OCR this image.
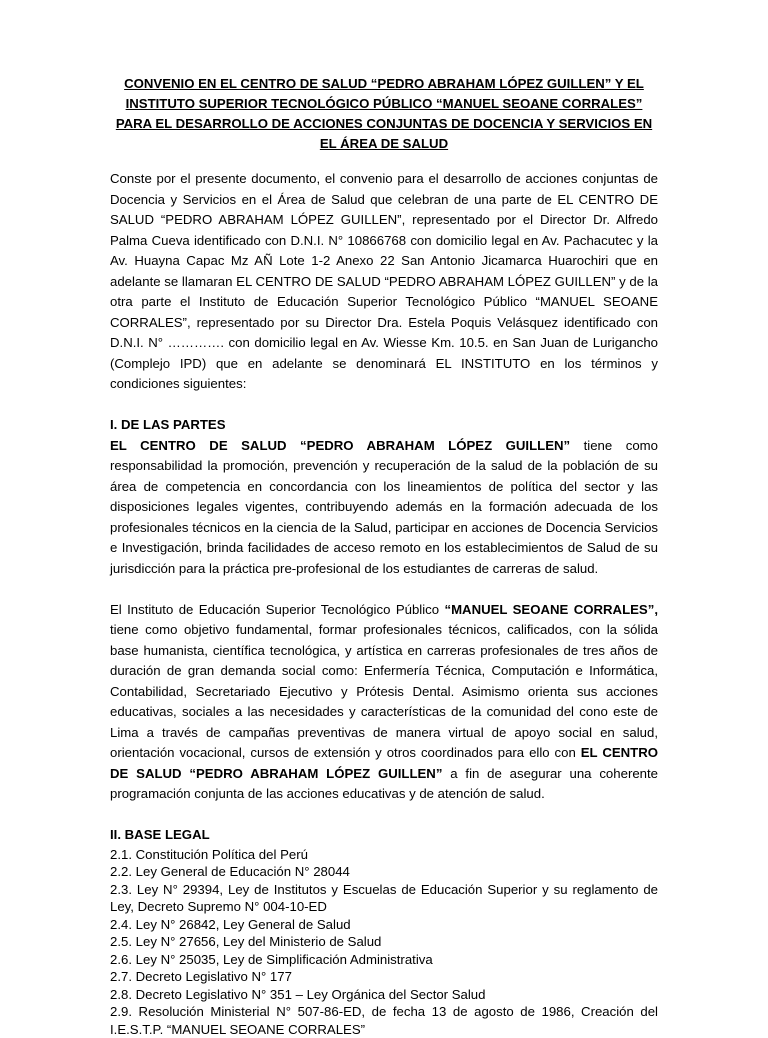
CONVENIO EN EL CENTRO DE SALUD “PEDRO ABRAHAM LÓPEZ GUILLEN” Y EL INSTITUTO SUPERIOR TECNOLÓGICO PÚBLICO “MANUEL SEOANE CORRALES” PARA EL DESARROLLO DE ACCIONES CONJUNTAS DE DOCENCIA Y SERVICIOS EN EL ÁREA DE SALUD

Conste por el presente documento, el convenio para el desarrollo de acciones conjuntas de Docencia y Servicios en el Área de Salud que celebran de una parte de EL CENTRO DE SALUD “PEDRO ABRAHAM LÓPEZ GUILLEN”, representado por el Director Dr. Alfredo Palma Cueva identificado con D.N.I. N° 10866768 con domicilio legal en Av. Pachacutec y la Av. Huayna Capac Mz AÑ Lote 1-2 Anexo 22 San Antonio Jicamarca Huarochiri que en adelante se llamaran EL CENTRO DE SALUD “PEDRO ABRAHAM LÓPEZ GUILLEN” y de la otra parte el Instituto de Educación Superior Tecnológico Público “MANUEL SEOANE CORRALES”, representado por su Director Dra. Estela Poquis Velásquez identificado con D.N.I. N° …………. con domicilio legal en Av. Wiesse Km. 10.5. en San Juan de Lurigancho (Complejo IPD) que en adelante se denominará EL INSTITUTO en los términos y condiciones siguientes:

I. DE LAS PARTES

EL CENTRO DE SALUD “PEDRO ABRAHAM LÓPEZ GUILLEN” tiene como responsabilidad la promoción, prevención y recuperación de la salud de la población de su área de competencia en concordancia con los lineamientos de política del sector y las disposiciones legales vigentes, contribuyendo además en la formación adecuada de los profesionales técnicos en la ciencia de la Salud, participar en acciones de Docencia Servicios e Investigación, brinda facilidades de acceso remoto en los establecimientos de Salud de su jurisdicción para la práctica pre-profesional de los estudiantes de carreras de salud.

El Instituto de Educación Superior Tecnológico Público “MANUEL SEOANE CORRALES”, tiene como objetivo fundamental, formar profesionales técnicos, calificados, con la sólida base humanista, científica tecnológica, y artística en carreras profesionales de tres años de duración de gran demanda social como: Enfermería Técnica, Computación e Informática, Contabilidad, Secretariado Ejecutivo y Prótesis Dental. Asimismo orienta sus acciones educativas, sociales a las necesidades y características de la comunidad del cono este de Lima a través de campañas preventivas de manera virtual de apoyo social en salud, orientación vocacional, cursos de extensión y otros coordinados para ello con EL CENTRO DE SALUD “PEDRO ABRAHAM LÓPEZ GUILLEN” a fin de asegurar una coherente programación conjunta de las acciones educativas y de atención de salud.

II. BASE LEGAL

2.1. Constitución Política del Perú
2.2. Ley General de Educación N° 28044
2.3. Ley N° 29394, Ley de Institutos y Escuelas de Educación Superior y su reglamento de Ley, Decreto Supremo N° 004-10-ED
2.4. Ley N° 26842, Ley General de Salud
2.5. Ley N° 27656, Ley del Ministerio de Salud
2.6. Ley N° 25035, Ley de Simplificación Administrativa
2.7. Decreto Legislativo N° 177
2.8. Decreto Legislativo N° 351 – Ley Orgánica del Sector Salud
2.9. Resolución Ministerial N° 507-86-ED, de fecha 13 de agosto de 1986, Creación del I.E.S.T.P. “MANUEL SEOANE CORRALES”
